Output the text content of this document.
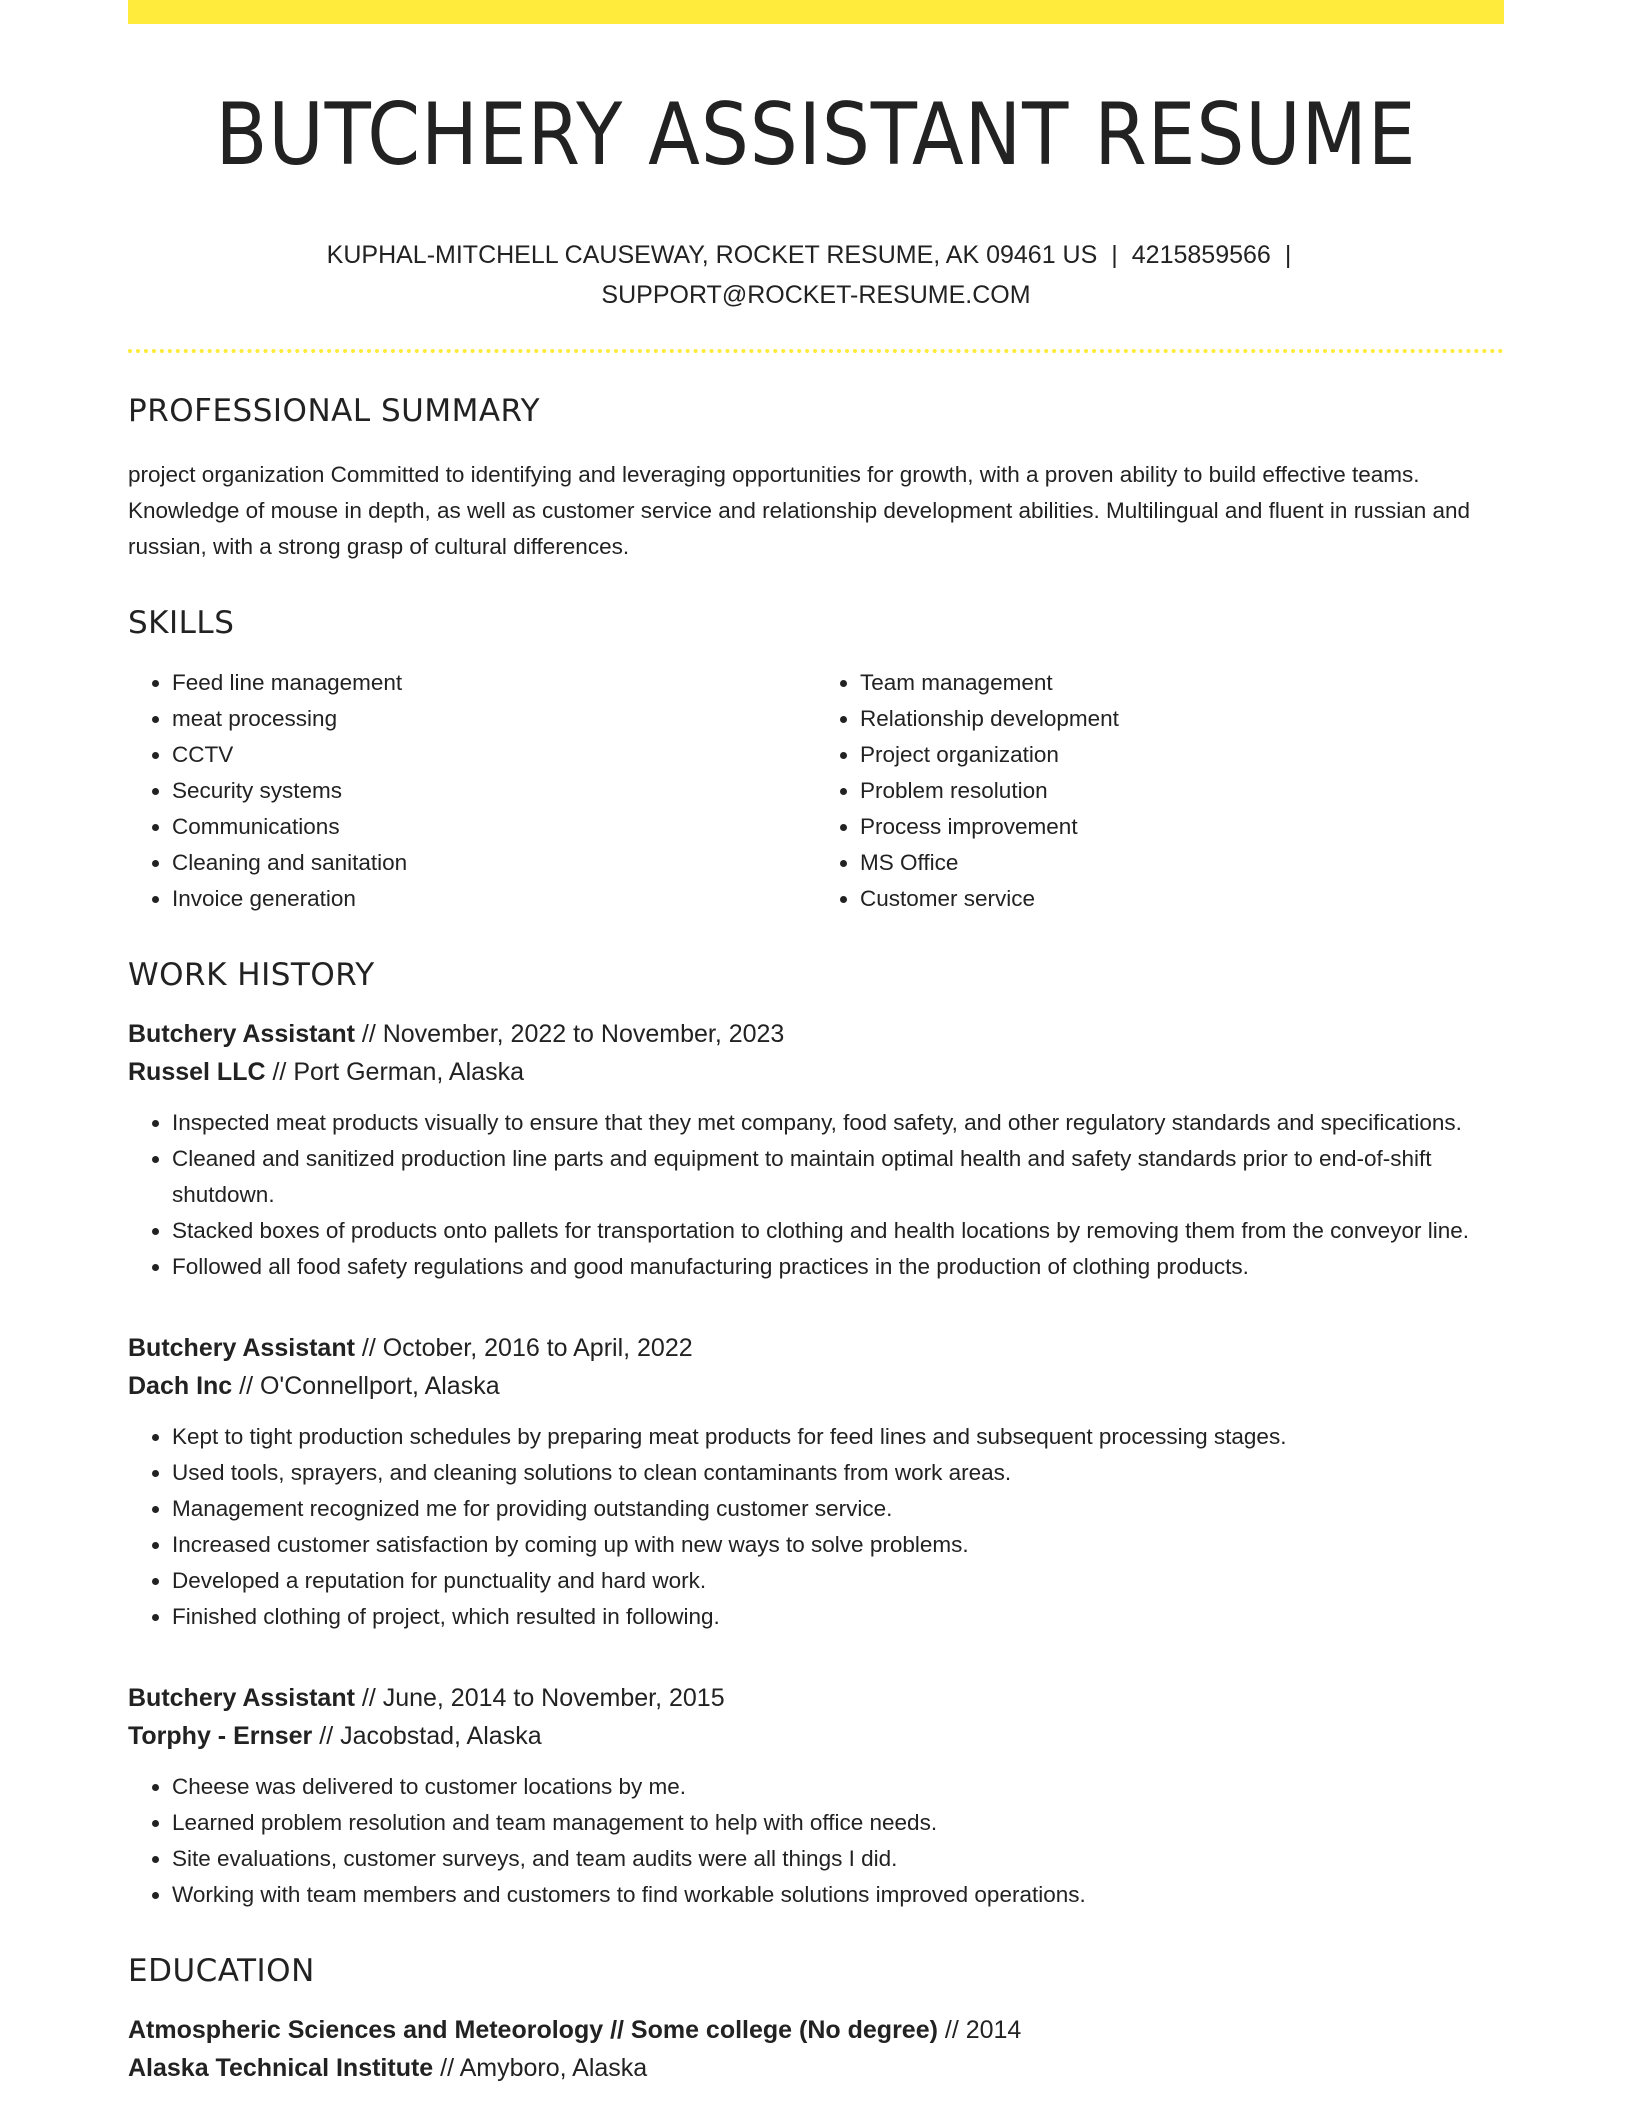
BUTCHERY ASSISTANT RESUME
KUPHAL-MITCHELL CAUSEWAY, ROCKET RESUME, AK 09461 US | 4215859566 |
SUPPORT@ROCKET-RESUME.COM
PROFESSIONAL SUMMARY

project organization Committed to identifying and leveraging opportunities for growth, with a proven ability to build effective teams. Knowledge of mouse in depth, as well as customer service and relationship development abilities. Multilingual and fluent in russian and russian, with a strong grasp of cultural differences.

SKILLS
• Feed line management
• meat processing
• CCTV
• Security systems
• Communications
• Cleaning and sanitation
• Invoice generation
• Team management
• Relationship development
• Project organization
• Problem resolution
• Process improvement
• MS Office
• Customer service
WORK HISTORY
Butchery Assistant // November, 2022 to November, 2023
Russel LLC // Port German, Alaska
• Inspected meat products visually to ensure that they met company, food safety, and other regulatory standards and specifications.
• Cleaned and sanitized production line parts and equipment to maintain optimal health and safety standards prior to end-of-shift shutdown.
• Stacked boxes of products onto pallets for transportation to clothing and health locations by removing them from the conveyor line.
• Followed all food safety regulations and good manufacturing practices in the production of clothing products.
Butchery Assistant // October, 2016 to April, 2022
Dach Inc // O'Connellport, Alaska
• Kept to tight production schedules by preparing meat products for feed lines and subsequent processing stages.
• Used tools, sprayers, and cleaning solutions to clean contaminants from work areas.
• Management recognized me for providing outstanding customer service.
• Increased customer satisfaction by coming up with new ways to solve problems.
• Developed a reputation for punctuality and hard work.
• Finished clothing of project, which resulted in following.
Butchery Assistant // June, 2014 to November, 2015
Torphy - Ernser // Jacobstad, Alaska
• Cheese was delivered to customer locations by me.
• Learned problem resolution and team management to help with office needs.
• Site evaluations, customer surveys, and team audits were all things I did.
• Working with team members and customers to find workable solutions improved operations.
EDUCATION
Atmospheric Sciences and Meteorology // Some college (No degree) // 2014
Alaska Technical Institute // Amyboro, Alaska
